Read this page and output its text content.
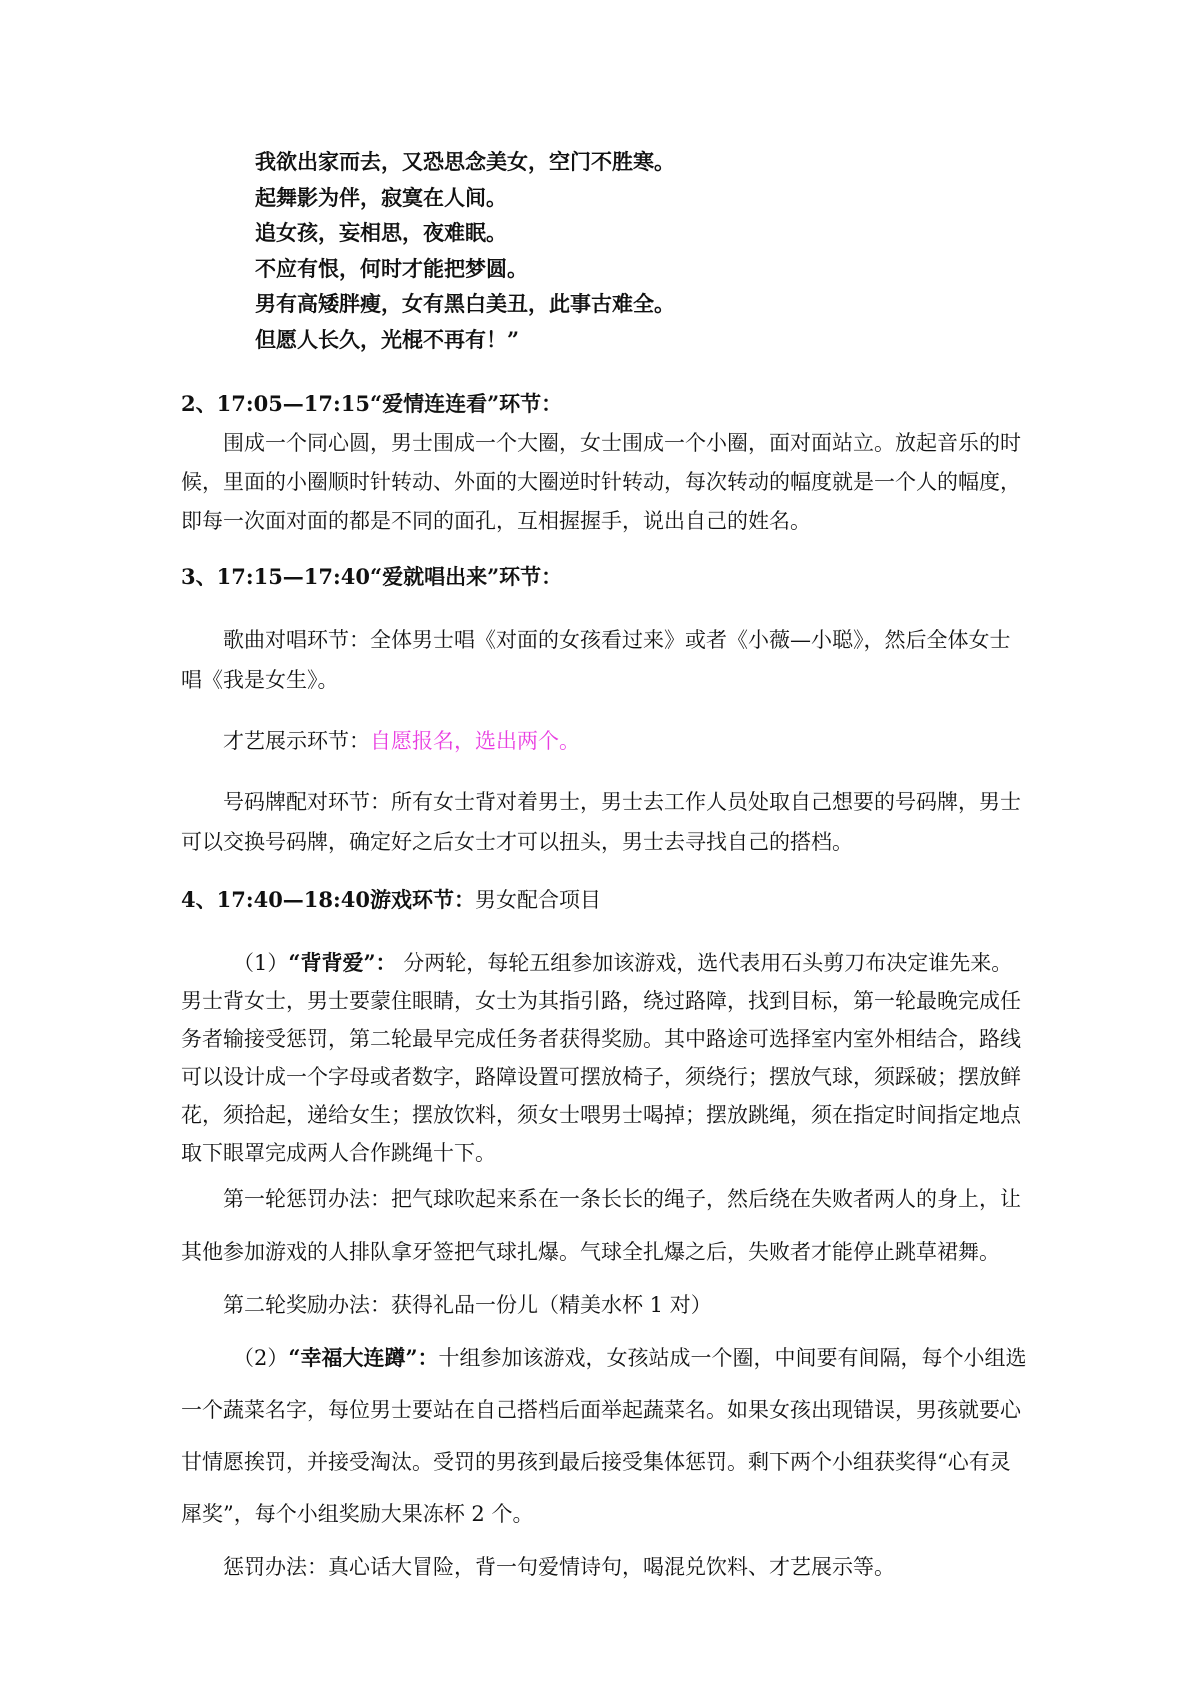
我欲出家而去，又恐思念美女，空门不胜寒。

起舞影为伴，寂寞在人间。

追女孩，妄相思，夜难眠。

不应有恨，何时才能把梦圆。

男有高矮胖瘦，女有黑白美丑，此事古难全。

但愿人长久，光棍不再有！”

2、17:05—17:15“爱情连连看”环节：

围成一个同心圆，男士围成一个大圈，女士围成一个小圈，面对面站立。放起音乐的时候，里面的小圈顺时针转动、外面的大圈逆时针转动，每次转动的幅度就是一个人的幅度，即每一次面对面的都是不同的面孔，互相握握手，说出自己的姓名。

3、17:15—17:40“爱就唱出来”环节：

歌曲对唱环节：全体男士唱《对面的女孩看过来》或者《小薇—小聪》，然后全体女士唱《我是女生》。

才艺展示环节：自愿报名，选出两个。

号码牌配对环节：所有女士背对着男士，男士去工作人员处取自己想要的号码牌，男士可以交换号码牌，确定好之后女士才可以扭头，男士去寻找自己的搭档。

4、17:40—18:40游戏环节：男女配合项目

（1）“背背爱”： 分两轮，每轮五组参加该游戏，选代表用石头剪刀布决定谁先来。男士背女士，男士要蒙住眼睛，女士为其指引路，绕过路障，找到目标，第一轮最晚完成任务者输接受惩罚，第二轮最早完成任务者获得奖励。其中路途可选择室内室外相结合，路线可以设计成一个字母或者数字，路障设置可摆放椅子，须绕行；摆放气球，须踩破；摆放鲜花，须拾起，递给女生；摆放饮料，须女士喂男士喝掉；摆放跳绳，须在指定时间指定地点取下眼罩完成两人合作跳绳十下。

第一轮惩罚办法：把气球吹起来系在一条长长的绳子，然后绕在失败者两人的身上，让其他参加游戏的人排队拿牙签把气球扎爆。气球全扎爆之后，失败者才能停止跳草裙舞。

第二轮奖励办法：获得礼品一份儿（精美水杯 1 对）

（2）“幸福大连蹲”：十组参加该游戏，女孩站成一个圈，中间要有间隔，每个小组选一个蔬菜名字，每位男士要站在自己搭档后面举起蔬菜名。如果女孩出现错误，男孩就要心甘情愿挨罚，并接受淘汰。受罚的男孩到最后接受集体惩罚。剩下两个小组获奖得“心有灵犀奖”，每个小组奖励大果冻杯 2 个。

惩罚办法：真心话大冒险，背一句爱情诗句，喝混兑饮料、才艺展示等。
